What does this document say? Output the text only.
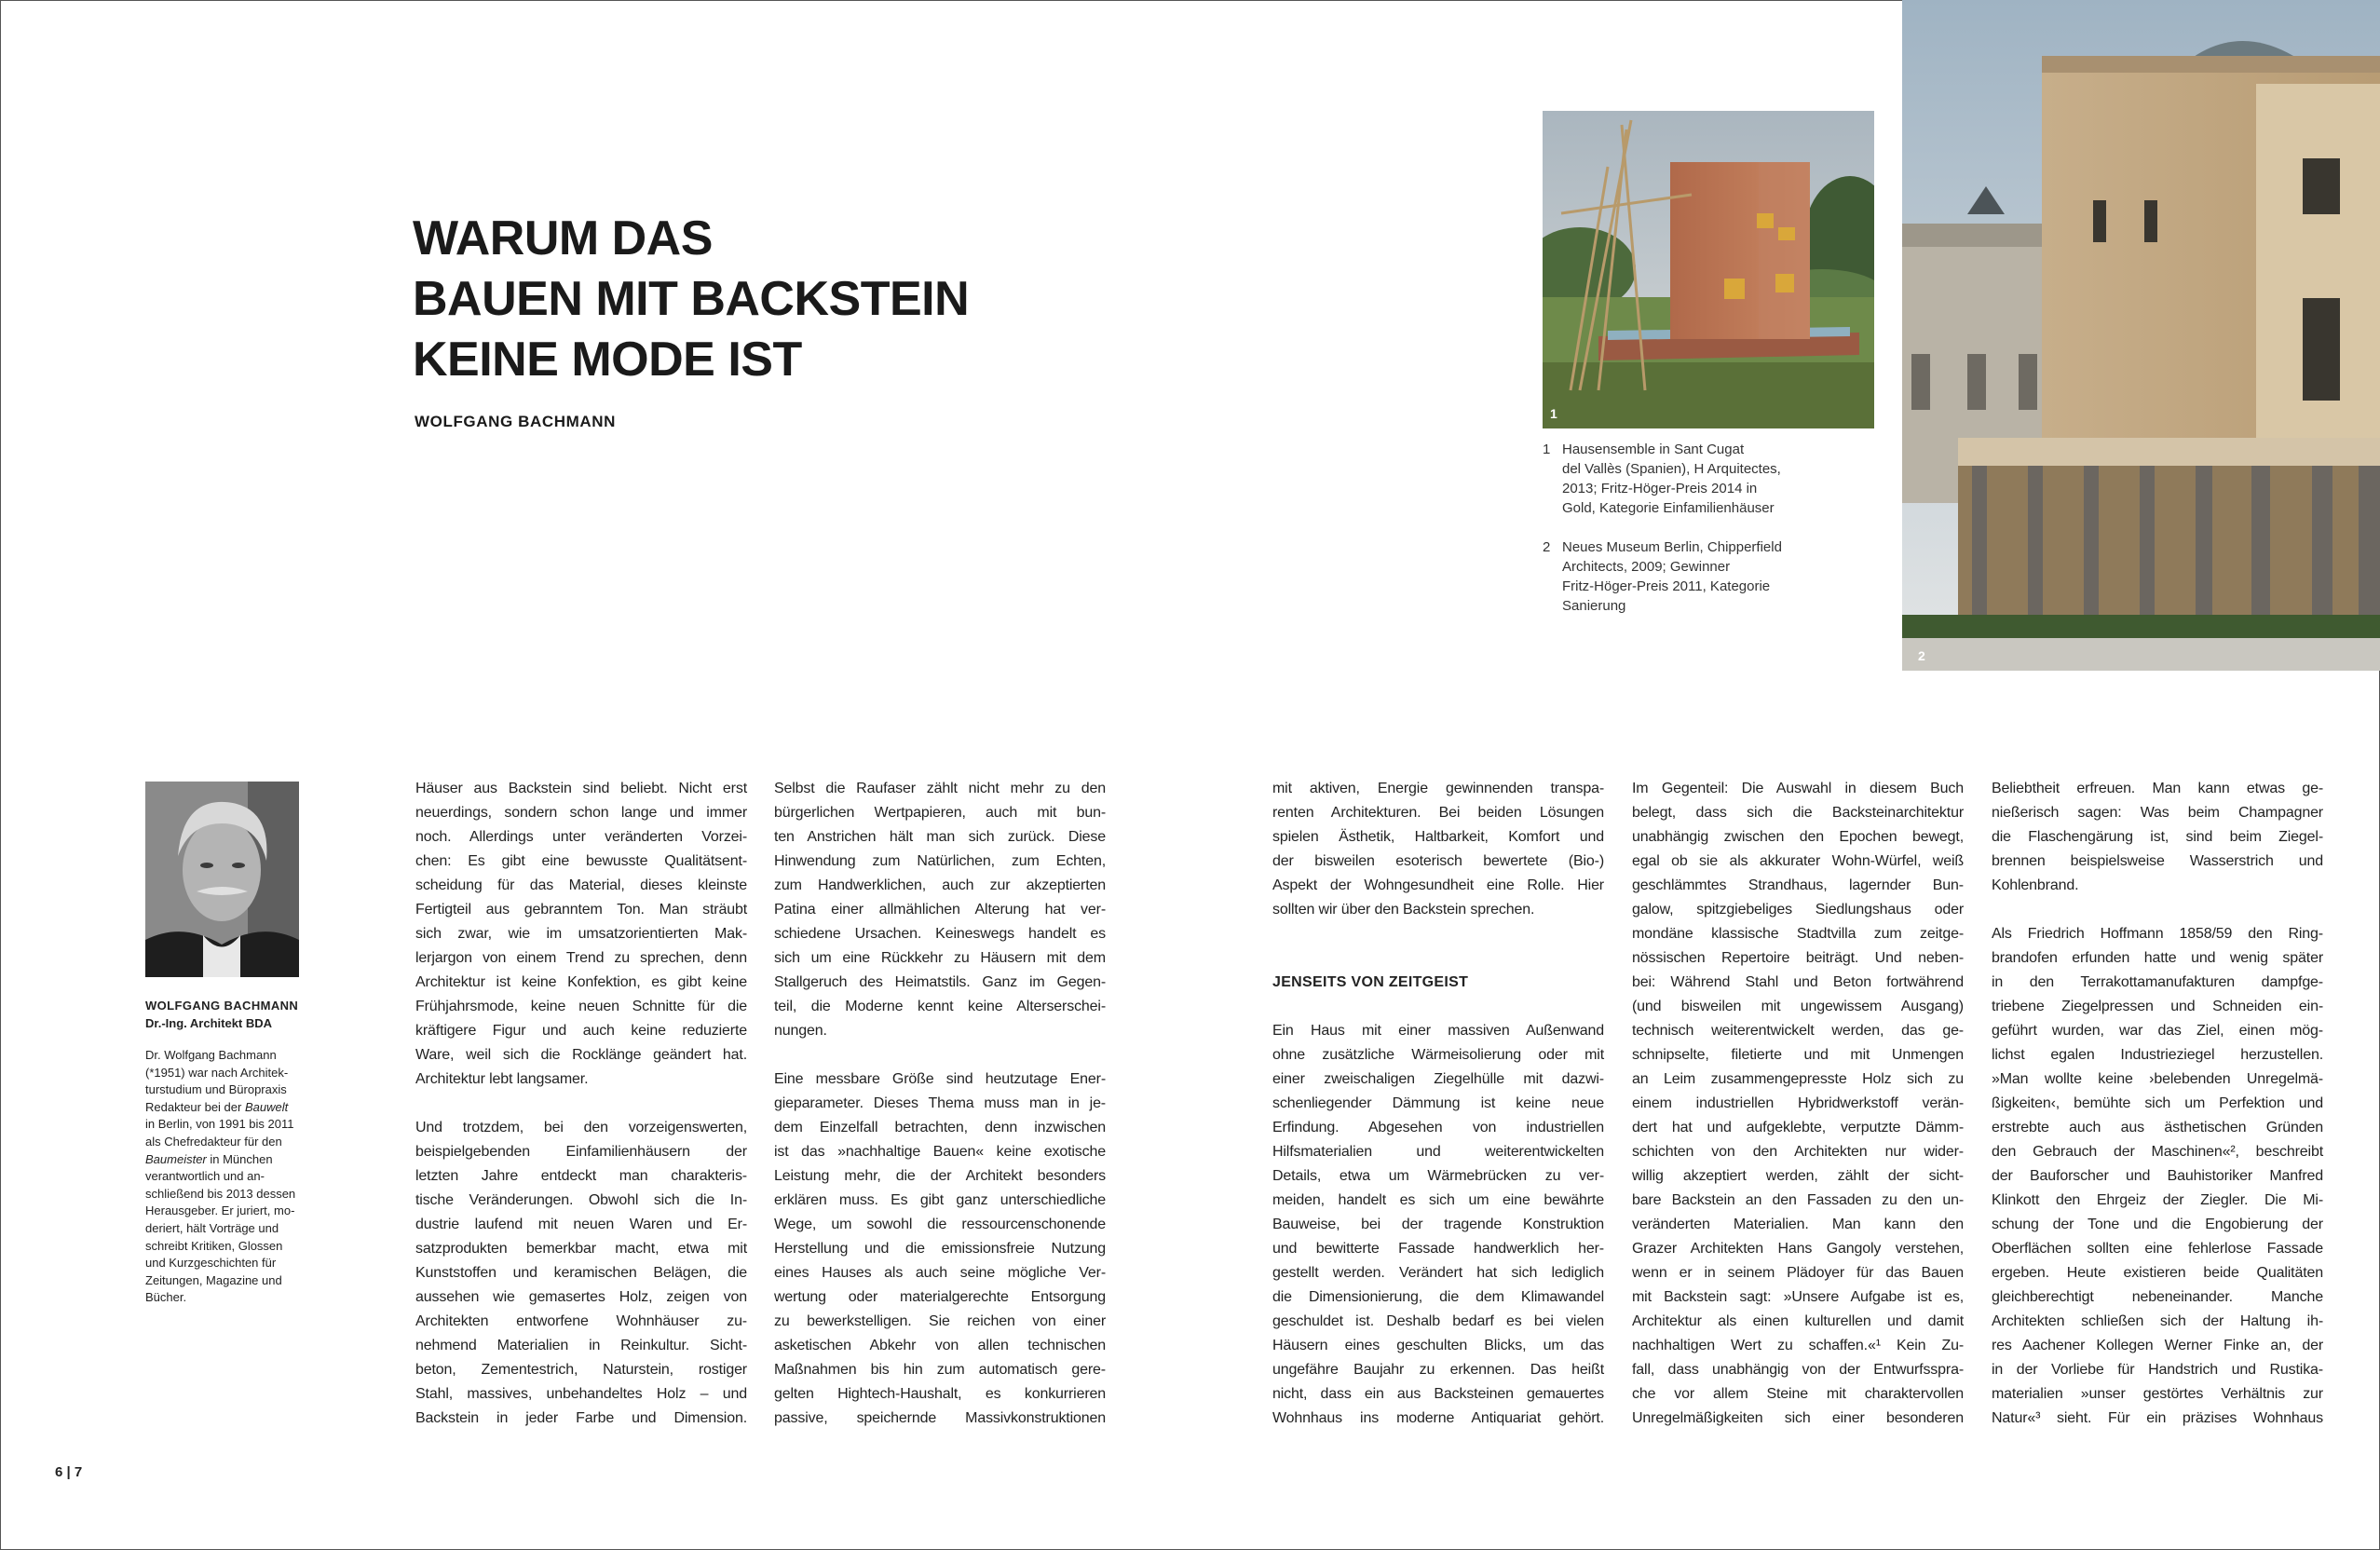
WARUM DAS
BAUEN MIT BACKSTEIN
KEINE MODE IST
WOLFGANG BACHMANN	1
2
1 Hausensemble in Sant Cugat
del Vallès (Spanien), H Arquitectes,
2013; Fritz-Höger-Preis 2014 in
Gold, Kategorie Einfamilienhäuser
2 Neues Museum Berlin, Chipperfield
Architects, 2009; Gewinner
Fritz-Höger-Preis 2011, Kategorie
Sanierung
WOLFGANG BACHMANN
Dr.-Ing. Architekt BDA
Dr. Wolfgang Bachmann
(*1951) war nach Architek-
turstudium und Büropraxis
Redakteur bei der Bauwelt
in Berlin, von 1991 bis 2011
als Chefredakteur für den
Baumeister in München
verantwortlich und an-
schließend bis 2013 dessen
Herausgeber. Er juriert, mo-
deriert, hält Vorträge und
schreibt Kritiken, Glossen
und Kurzgeschichten für
Zeitungen, Magazine und
Bücher.
Häuser aus Backstein sind beliebt. Nicht erst
neuerdings, sondern schon lange und immer
noch. Allerdings unter veränderten Vorzei-
chen: Es gibt eine bewusste Qualitätsent-
scheidung für das Material, dieses kleinste
Fertigteil aus gebranntem Ton. Man sträubt
sich zwar, wie im umsatzorientierten Mak-
lerjargon von einem Trend zu sprechen, denn
Architektur ist keine Konfektion, es gibt keine
Frühjahrsmode, keine neuen Schnitte für die
kräftigere Figur und auch keine reduzierte
Ware, weil sich die Rocklänge geändert hat.
Architektur lebt langsamer.
Und trotzdem, bei den vorzeigenswerten,
beispielgebenden Einfamilienhäusern der
letzten Jahre entdeckt man charakteris-
tische Veränderungen. Obwohl sich die In-
dustrie laufend mit neuen Waren und Er-
satzprodukten bemerkbar macht, etwa mit
Kunststoffen und keramischen Belägen, die
aussehen wie gemasertes Holz, zeigen von
Architekten entworfene Wohnhäuser zu-
nehmend Materialien in Reinkultur. Sicht-
beton, Zementestrich, Naturstein, rostiger
Stahl, massives, unbehandeltes Holz – und
Backstein in jeder Farbe und Dimension.
Selbst die Raufaser zählt nicht mehr zu den
bürgerlichen Wertpapieren, auch mit bun-
ten Anstrichen hält man sich zurück. Diese
Hinwendung zum Natürlichen, zum Echten,
zum Handwerklichen, auch zur akzeptierten
Patina einer allmählichen Alterung hat ver-
schiedene Ursachen. Keineswegs handelt es
sich um eine Rückkehr zu Häusern mit dem
Stallgeruch des Heimatstils. Ganz im Gegen-
teil, die Moderne kennt keine Alterserschei-
nungen.
Eine messbare Größe sind heutzutage Ener-
gieparameter. Dieses Thema muss man in je-
dem Einzelfall betrachten, denn inzwischen
ist das »nachhaltige Bauen« keine exotische
Leistung mehr, die der Architekt besonders
erklären muss. Es gibt ganz unterschiedliche
Wege, um sowohl die ressourcenschonende
Herstellung und die emissionsfreie Nutzung
eines Hauses als auch seine mögliche Ver-
wertung oder materialgerechte Entsorgung
zu bewerkstelligen. Sie reichen von einer
asketischen Abkehr von allen technischen
Maßnahmen bis hin zum automatisch gere-
gelten Hightech-Haushalt, es konkurrieren
passive, speichernde Massivkonstruktionen
mit aktiven, Energie gewinnenden transpa-
renten Architekturen. Bei beiden Lösungen
spielen Ästhetik, Haltbarkeit, Komfort und
der bisweilen esoterisch bewertete (Bio-)
Aspekt der Wohngesundheit eine Rolle. Hier
sollten wir über den Backstein sprechen.
JENSEITS VON ZEITGEIST
Ein Haus mit einer massiven Außenwand
ohne zusätzliche Wärmeisolierung oder mit
einer zweischaligen Ziegelhülle mit dazwi-
schenliegender Dämmung ist keine neue
Erfindung. Abgesehen von industriellen
Hilfsmaterialien und weiterentwickelten
Details, etwa um Wärmebrücken zu ver-
meiden, handelt es sich um eine bewährte
Bauweise, bei der tragende Konstruktion
und bewitterte Fassade handwerklich her-
gestellt werden. Verändert hat sich lediglich
die Dimensionierung, die dem Klimawandel
geschuldet ist. Deshalb bedarf es bei vielen
Häusern eines geschulten Blicks, um das
ungefähre Baujahr zu erkennen. Das heißt
nicht, dass ein aus Backsteinen gemauertes
Wohnhaus ins moderne Antiquariat gehört.
Im Gegenteil: Die Auswahl in diesem Buch
belegt, dass sich die Backsteinarchitektur
unabhängig zwischen den Epochen bewegt,
egal ob sie als akkurater Wohn-Würfel, weiß
geschlämmtes Strandhaus, lagernder Bun-
galow, spitzgiebeliges Siedlungshaus oder
mondäne klassische Stadtvilla zum zeitge-
nössischen Repertoire beiträgt. Und neben-
bei: Während Stahl und Beton fortwährend
(und bisweilen mit ungewissem Ausgang)
technisch weiterentwickelt werden, das ge-
schnipselte, filetierte und mit Unmengen
an Leim zusammengepresste Holz sich zu
einem industriellen Hybridwerkstoff verän-
dert hat und aufgeklebte, verputzte Dämm-
schichten von den Architekten nur wider-
willig akzeptiert werden, zählt der sicht-
bare Backstein an den Fassaden zu den un-
veränderten Materialien. Man kann den
Grazer Architekten Hans Gangoly verstehen,
wenn er in seinem Plädoyer für das Bauen
mit Backstein sagt: »Unsere Aufgabe ist es,
Architektur als einen kulturellen und damit
nachhaltigen Wert zu schaffen.«¹ Kein Zu-
fall, dass unabhängig von der Entwurfsspra-
che vor allem Steine mit charaktervollen
Unregelmäßigkeiten sich einer besonderen
Beliebtheit erfreuen. Man kann etwas ge-
nießerisch sagen: Was beim Champagner
die Flaschengärung ist, sind beim Ziegel-
brennen beispielsweise Wasserstrich und
Kohlenbrand.
Als Friedrich Hoffmann 1858/59 den Ring-
brandofen erfunden hatte und wenig später
in den Terrakottamanufakturen dampfge-
triebene Ziegelpressen und Schneiden ein-
geführt wurden, war das Ziel, einen mög-
lichst egalen Industrieziegel herzustellen.
»Man wollte keine ›belebenden Unregelmä-
ßigkeiten‹, bemühte sich um Perfektion und
erstrebte auch aus ästhetischen Gründen
den Gebrauch der Maschinen«², beschreibt
der Bauforscher und Bauhistoriker Manfred
Klinkott den Ehrgeiz der Ziegler. Die Mi-
schung der Tone und die Engobierung der
Oberflächen sollten eine fehlerlose Fassade
ergeben. Heute existieren beide Qualitäten
gleichberechtigt nebeneinander. Manche
Architekten schließen sich der Haltung ih-
res Aachener Kollegen Werner Finke an, der
in der Vorliebe für Handstrich und Rustika-
materialien »unser gestörtes Verhältnis zur
Natur«³ sieht. Für ein präzises Wohnhaus
6 | 7
